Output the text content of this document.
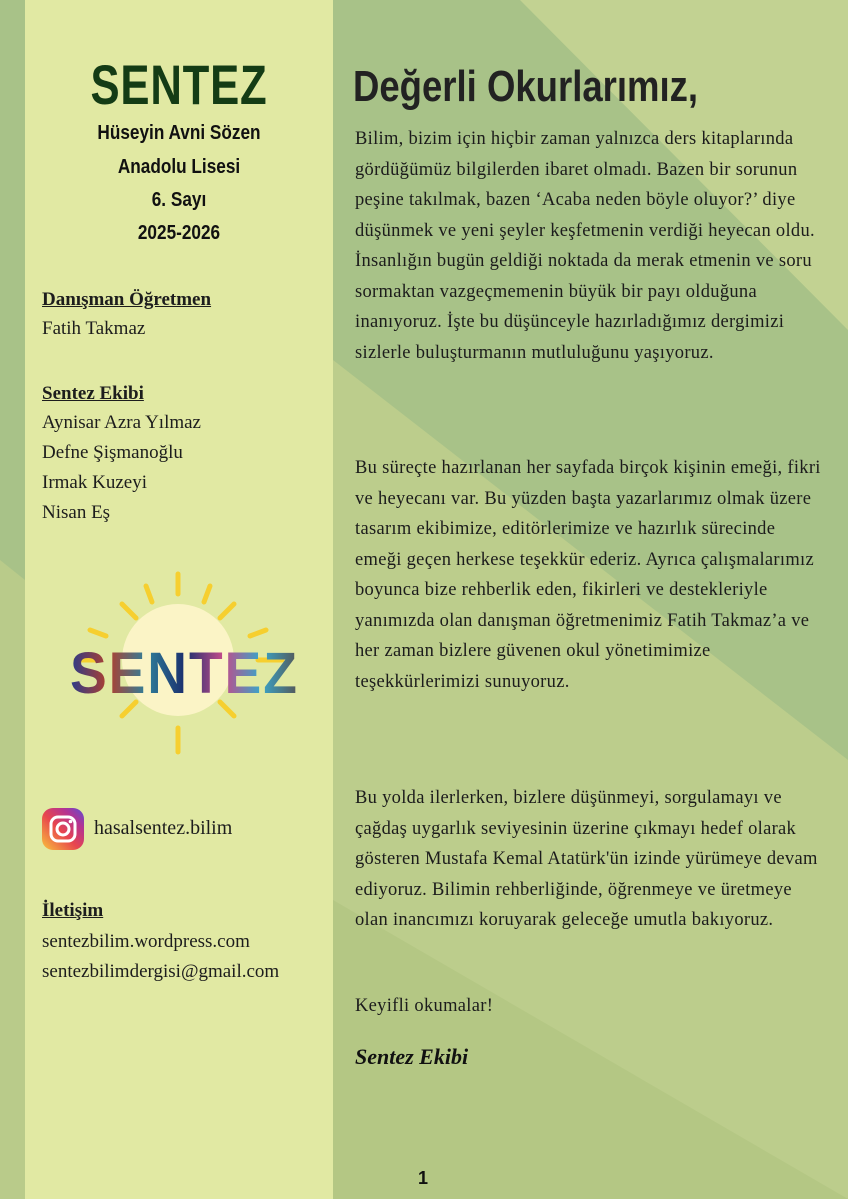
SENTEZ
Hüseyin Avni Sözen
Anadolu Lisesi
6. Sayı
2025-2026
Danışman Öğretmen
Fatih Takmaz
Sentez Ekibi
Aynisar Azra Yılmaz
Defne Şişmanoğlu
Irmak Kuzeyi
Nisan Eş
SENTEZ
hasalsentez.bilim
İletişim
sentezbilim.wordpress.com
sentezbilimdergisi@gmail.com
Değerli Okurlarımız,
Bilim, bizim için hiçbir zaman yalnızca ders kitaplarında gördüğümüz bilgilerden ibaret olmadı. Bazen bir sorunun peşine takılmak, bazen ‘Acaba neden böyle oluyor?’ diye düşünmek ve yeni şeyler keşfetmenin verdiği heyecan oldu. İnsanlığın bugün geldiği noktada da merak etmenin ve soru sormaktan vazgeçmemenin büyük bir payı olduğuna inanıyoruz. İşte bu düşünceyle hazırladığımız dergimizi sizlerle buluşturmanın mutluluğunu yaşıyoruz.
Bu süreçte hazırlanan her sayfada birçok kişinin emeği, fikri ve heyecanı var. Bu yüzden başta yazarlarımız olmak üzere tasarım ekibimize, editörlerimize ve hazırlık sürecinde emeği geçen herkese teşekkür ederiz. Ayrıca çalışmalarımız boyunca bize rehberlik eden, fikirleri ve destekleriyle yanımızda olan danışman öğretmenimiz Fatih Takmaz’a ve her zaman bizlere güvenen okul yönetimimize teşekkürlerimizi sunuyoruz.
Bu yolda ilerlerken, bizlere düşünmeyi, sorgulamayı ve çağdaş uygarlık seviyesinin üzerine çıkmayı hedef olarak gösteren Mustafa Kemal Atatürk'ün izinde yürümeye devam ediyoruz. Bilimin rehberliğinde, öğrenmeye ve üretmeye olan inancımızı koruyarak geleceğe umutla bakıyoruz.
Keyifli okumalar!
Sentez Ekibi
1
